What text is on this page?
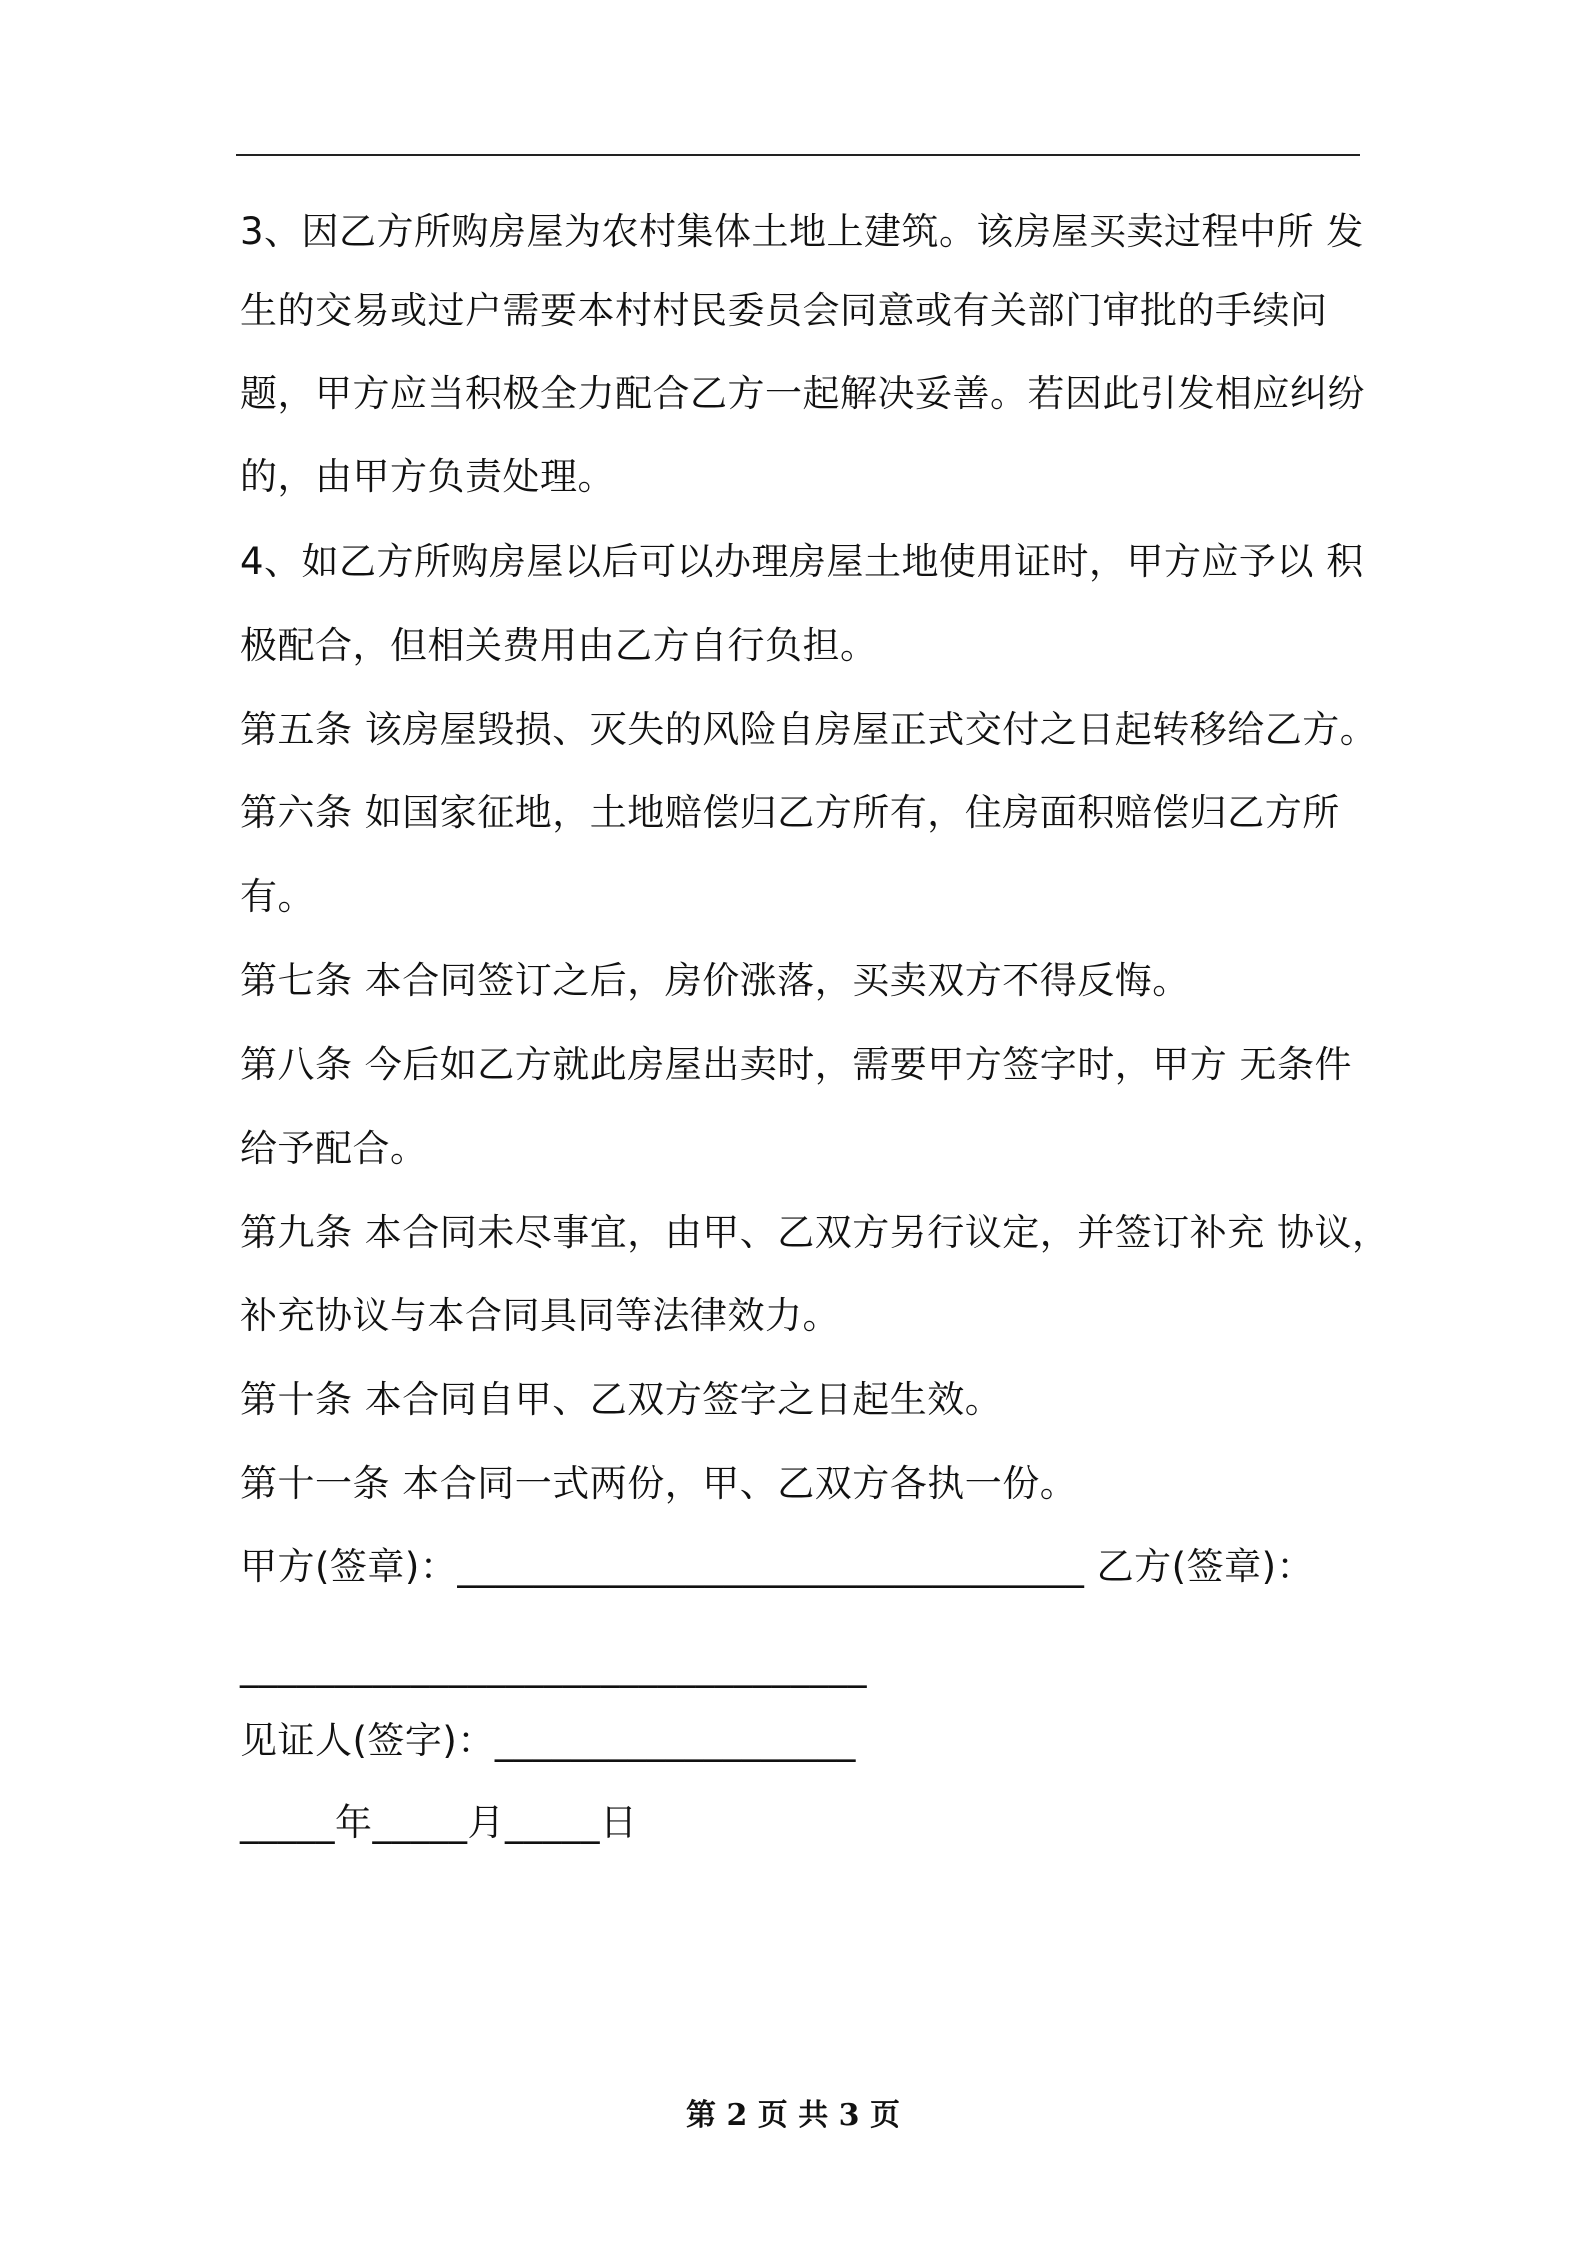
3、因乙方所购房屋为农村集体土地上建筑。该房屋买卖过程中所 发
生的交易或过户需要本村村民委员会同意或有关部门审批的手续问
题，甲方应当积极全力配合乙方一起解决妥善。若因此引发相应纠纷
的，由甲方负责处理。
4、如乙方所购房屋以后可以办理房屋土地使用证时，甲方应予以 积
极配合，但相关费用由乙方自行负担。
第五条 该房屋毁损、灭失的风险自房屋正式交付之日起转移给乙方。
第六条 如国家征地，土地赔偿归乙方所有，住房面积赔偿归乙方所
有。
第七条 本合同签订之后，房价涨落，买卖双方不得反悔。
第八条 今后如乙方就此房屋出卖时，需要甲方签字时，甲方 无条件
给予配合。
第九条 本合同未尽事宜，由甲、乙双方另行议定，并签订补充 协议，
补充协议与本合同具同等法律效力。
第十条 本合同自甲、乙双方签字之日起生效。
第十一条 本合同一式两份，甲、乙双方各执一份。
甲方(签章)：_________________________________ 乙方(签章)：
_________________________________
见证人(签字)：___________________
_____年_____月_____日
第 2 页 共 3 页
